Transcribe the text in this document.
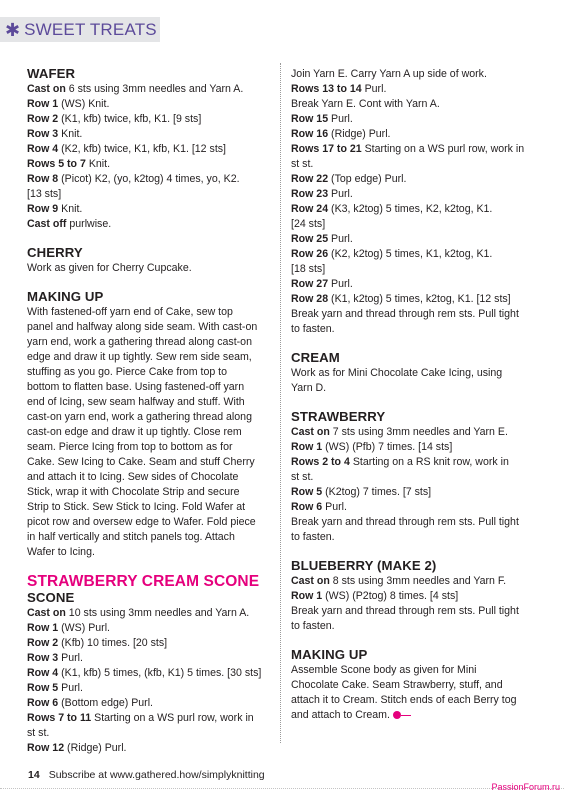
✱ SWEET TREATS
WAFER
Cast on 6 sts using 3mm needles and Yarn A.
Row 1 (WS) Knit.
Row 2 (K1, kfb) twice, kfb, K1. [9 sts]
Row 3 Knit.
Row 4 (K2, kfb) twice, K1, kfb, K1. [12 sts]
Rows 5 to 7 Knit.
Row 8 (Picot) K2, (yo, k2tog) 4 times, yo, K2.
[13 sts]
Row 9 Knit.
Cast off purlwise.
CHERRY
Work as given for Cherry Cupcake.
MAKING UP
With fastened-off yarn end of Cake, sew top
panel and halfway along side seam. With cast-on
yarn end, work a gathering thread along cast-on
edge and draw it up tightly. Sew rem side seam,
stuffing as you go. Pierce Cake from top to
bottom to flatten base. Using fastened-off yarn
end of Icing, sew seam halfway and stuff. With
cast-on yarn end, work a gathering thread along
cast-on edge and draw it up tightly. Close rem
seam. Pierce Icing from top to bottom as for
Cake. Sew Icing to Cake. Seam and stuff Cherry
and attach it to Icing. Sew sides of Chocolate
Stick, wrap it with Chocolate Strip and secure
Strip to Stick. Sew Stick to Icing. Fold Wafer at
picot row and oversew edge to Wafer. Fold piece
in half vertically and stitch panels tog. Attach
Wafer to Icing.
STRAWBERRY CREAM SCONE
SCONE
Cast on 10 sts using 3mm needles and Yarn A.
Row 1 (WS) Purl.
Row 2 (Kfb) 10 times. [20 sts]
Row 3 Purl.
Row 4 (K1, kfb) 5 times, (kfb, K1) 5 times. [30 sts]
Row 5 Purl.
Row 6 (Bottom edge) Purl.
Rows 7 to 11 Starting on a WS purl row, work in
st st.
Row 12 (Ridge) Purl.
Join Yarn E. Carry Yarn A up side of work.
Rows 13 to 14 Purl.
Break Yarn E. Cont with Yarn A.
Row 15 Purl.
Row 16 (Ridge) Purl.
Rows 17 to 21 Starting on a WS purl row, work in
st st.
Row 22 (Top edge) Purl.
Row 23 Purl.
Row 24 (K3, k2tog) 5 times, K2, k2tog, K1.
[24 sts]
Row 25 Purl.
Row 26 (K2, k2tog) 5 times, K1, k2tog, K1.
[18 sts]
Row 27 Purl.
Row 28 (K1, k2tog) 5 times, k2tog, K1. [12 sts]
Break yarn and thread through rem sts. Pull tight
to fasten.
CREAM
Work as for Mini Chocolate Cake Icing, using
Yarn D.
STRAWBERRY
Cast on 7 sts using 3mm needles and Yarn E.
Row 1 (WS) (Pfb) 7 times. [14 sts]
Rows 2 to 4 Starting on a RS knit row, work in
st st.
Row 5 (K2tog) 7 times. [7 sts]
Row 6 Purl.
Break yarn and thread through rem sts. Pull tight
to fasten.
BLUEBERRY (MAKE 2)
Cast on 8 sts using 3mm needles and Yarn F.
Row 1 (WS) (P2tog) 8 times. [4 sts]
Break yarn and thread through rem sts. Pull tight
to fasten.
MAKING UP
Assemble Scone body as given for Mini
Chocolate Cake. Seam Strawberry, stuff, and
attach it to Cream. Stitch ends of each Berry tog
and attach to Cream.
14 Subscribe at www.gathered.how/simplyknitting
PassionForum.ru
